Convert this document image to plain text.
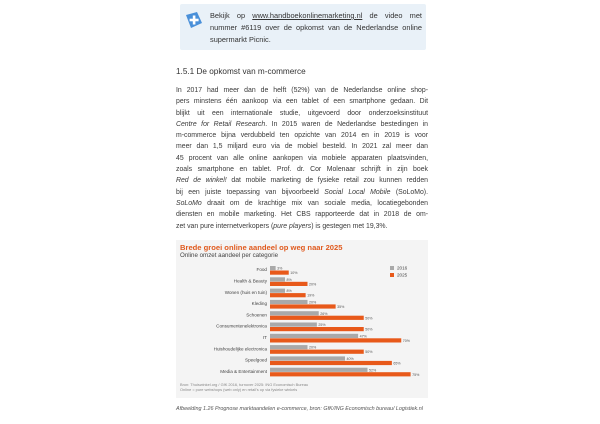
Bekijk op www.handboekonlinemarketing.nl de video met nummer #6119 over de opkomst van de Nederlandse online supermarkt Picnic.
1.5.1 De opkomst van m-commerce
In 2017 had meer dan de helft (52%) van de Nederlandse online shop-
pers minstens één aankoop via een tablet of een smartphone gedaan. Dit
blijkt uit een internationale studie, uitgevoerd door onderzoeksinstituut
Centre for Retail Research. In 2015 waren de Nederlandse bestedingen in
m-commerce bijna verdubbeld ten opzichte van 2014 en in 2019 is voor
meer dan 1,5 miljard euro via de mobiel besteld. In 2021 zal meer dan
45 procent van alle online aankopen via mobiele apparaten plaatsvinden,
zoals smartphone en tablet. Prof. dr. Cor Molenaar schrijft in zijn boek
Red de winkel! dat mobile marketing de fysieke retail zou kunnen redden
bij een juiste toepassing van bijvoorbeeld Social Local Mobile (SoLoMo).
SoLoMo draait om de krachtige mix van sociale media, locatiegebonden
diensten en mobile marketing. Het CBS rapporteerde dat in 2018 de om-
zet van pure internetverkopers (pure players) is gestegen met 19,3%.
Brede groei online aandeel op weg naar 2025
Online omzet aandeel per categorie
Food	3%
10%
Health & Beauty	8%
20%
Wonen (huis en tuin)	8%
19%
Kleding	20%
35%
Schoenen	26%
50%
Consumentenelektronica	25%
50%
IT	47%
70%
Huishoudelijke electronica	20%
50%
Speelgoed	40%
65%
Media & Entertainment	52%
75%
2016
2025
Bron: Thuiswinkel.org / GfK 2016, turnover 2025: ING Economisch Bureau
Online = pure webshops (web only) en retail's op via fysieke winkels
Afbeelding 1.26 Prognose marktaandelen e-commerce, bron: GfK/ING Economisch bureau/ Logistiek.nl
